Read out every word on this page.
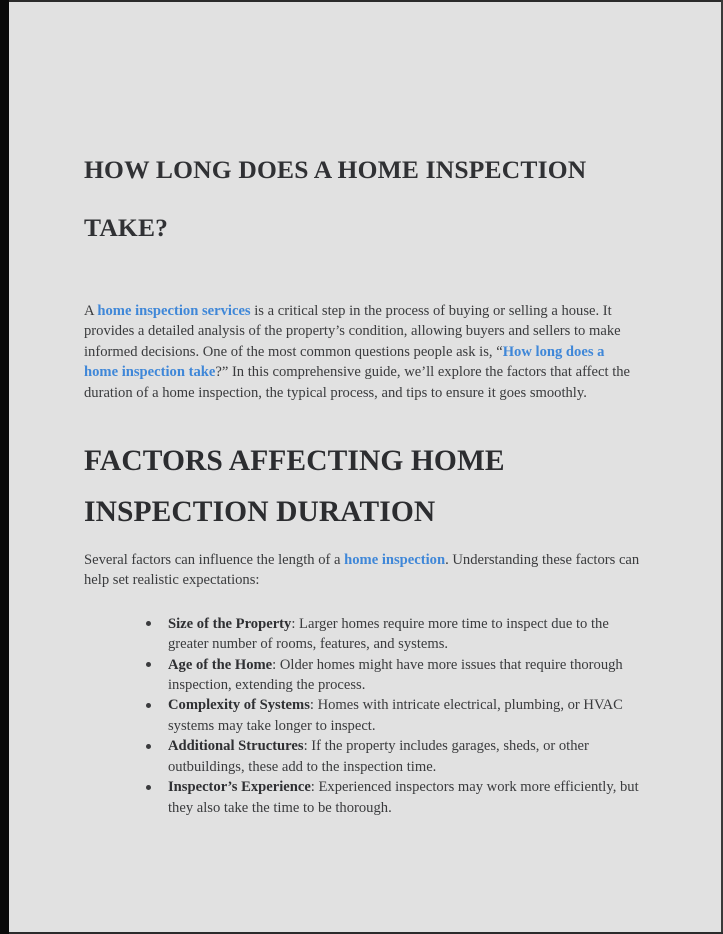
HOW LONG DOES A HOME INSPECTION TAKE?

A home inspection services is a critical step in the process of buying or selling a house. It provides a detailed analysis of the property’s condition, allowing buyers and sellers to make informed decisions. One of the most common questions people ask is, “How long does a home inspection take?” In this comprehensive guide, we’ll explore the factors that affect the duration of a home inspection, the typical process, and tips to ensure it goes smoothly.

FACTORS AFFECTING HOME INSPECTION DURATION

Several factors can influence the length of a home inspection. Understanding these factors can help set realistic expectations:

Size of the Property: Larger homes require more time to inspect due to the greater number of rooms, features, and systems.
Age of the Home: Older homes might have more issues that require thorough inspection, extending the process.
Complexity of Systems: Homes with intricate electrical, plumbing, or HVAC systems may take longer to inspect.
Additional Structures: If the property includes garages, sheds, or other outbuildings, these add to the inspection time.
Inspector’s Experience: Experienced inspectors may work more efficiently, but they also take the time to be thorough.
